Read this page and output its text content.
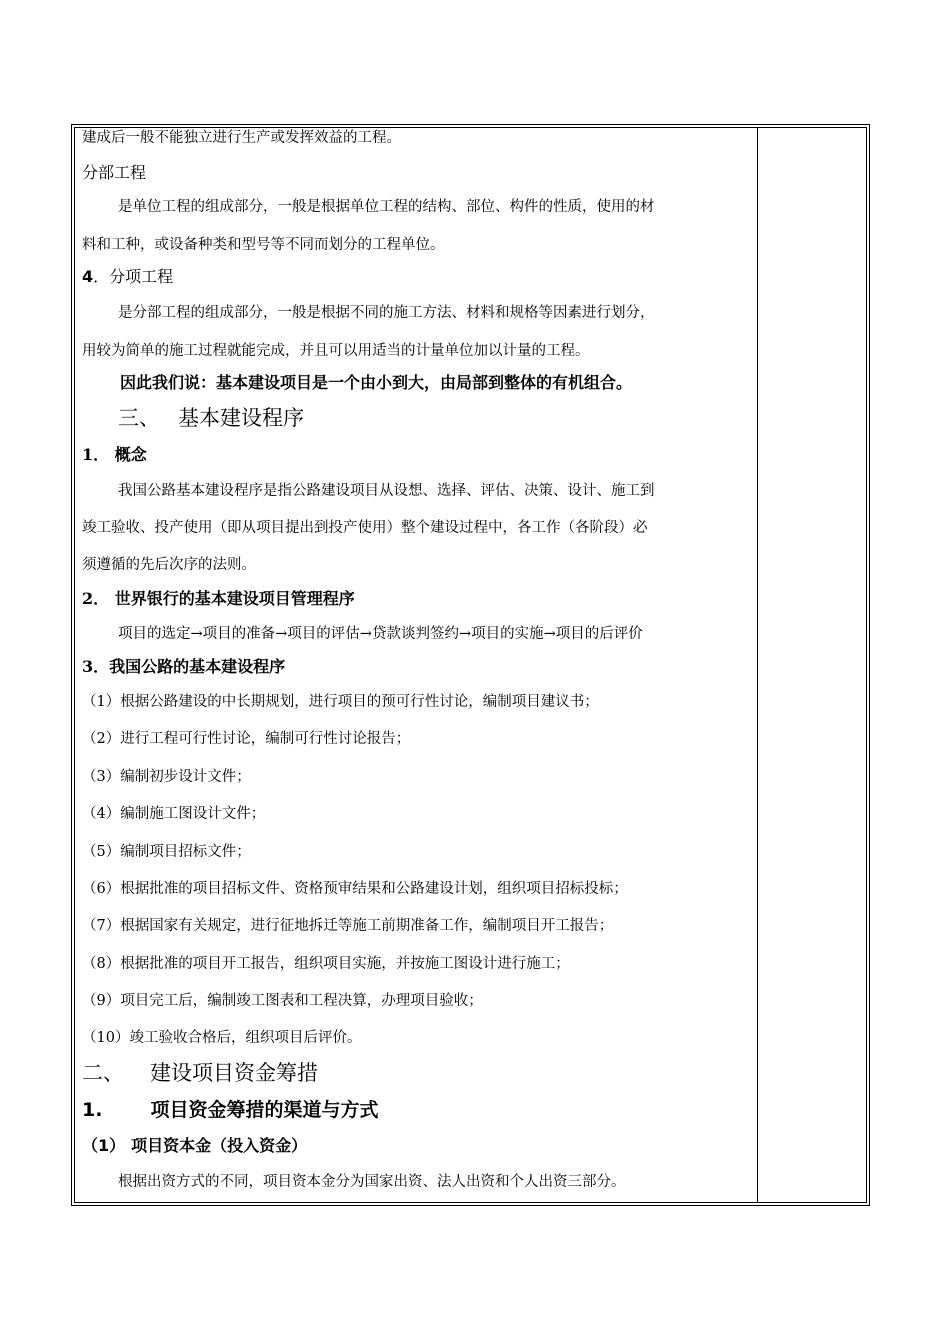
建成后一般不能独立进行生产或发挥效益的工程。
分部工程
是单位工程的组成部分，一般是根据单位工程的结构、部位、构件的性质，使用的材
料和工种，或设备种类和型号等不同而划分的工程单位。
4．分项工程
是分部工程的组成部分，一般是根据不同的施工方法、材料和规格等因素进行划分，
用较为简单的施工过程就能完成，并且可以用适当的计量单位加以计量的工程。
因此我们说：基本建设项目是一个由小到大，由局部到整体的有机组合。
三、 基本建设程序
1． 概念
我国公路基本建设程序是指公路建设项目从设想、选择、评估、决策、设计、施工到
竣工验收、投产使用（即从项目提出到投产使用）整个建设过程中，各工作（各阶段）必
须遵循的先后次序的法则。
2． 世界银行的基本建设项目管理程序
项目的选定→项目的准备→项目的评估→贷款谈判签约→项目的实施→项目的后评价
3．我国公路的基本建设程序
（1）根据公路建设的中长期规划，进行项目的预可行性讨论，编制项目建议书；
（2）进行工程可行性讨论，编制可行性讨论报告；
（3）编制初步设计文件；
（4）编制施工图设计文件；
（5）编制项目招标文件；
（6）根据批准的项目招标文件、资格预审结果和公路建设计划，组织项目招标投标；
（7）根据国家有关规定，进行征地拆迁等施工前期准备工作，编制项目开工报告；
（8）根据批准的项目开工报告，组织项目实施，并按施工图设计进行施工；
（9）项目完工后，编制竣工图表和工程决算，办理项目验收；
（10）竣工验收合格后，组织项目后评价。
二、 建设项目资金筹措
1.	项目资金筹措的渠道与方式
（1） 项目资本金（投入资金）
根据出资方式的不同，项目资本金分为国家出资、法人出资和个人出资三部分。
